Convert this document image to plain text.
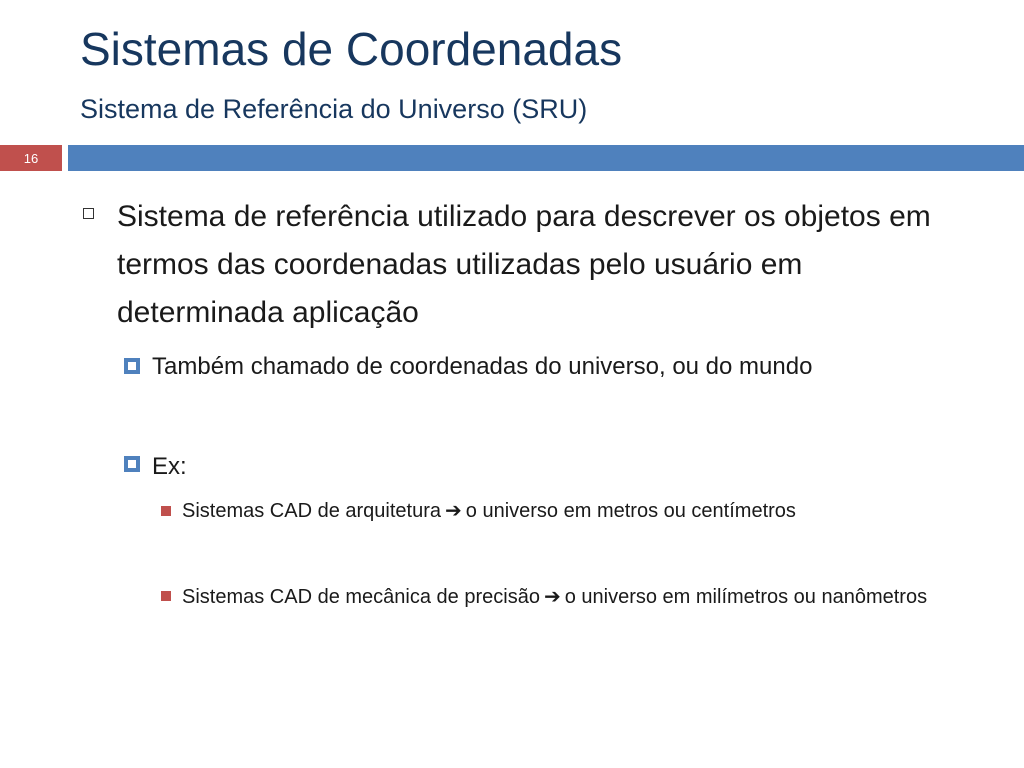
Sistemas de Coordenadas
Sistema de Referência do Universo (SRU)
16
Sistema de referência utilizado para descrever os objetos em termos das coordenadas utilizadas pelo usuário em determinada aplicação
Também chamado de coordenadas do universo, ou do mundo
Ex:
Sistemas CAD de arquitetura ➔ o universo em metros ou centímetros
Sistemas CAD de mecânica de precisão ➔ o universo em milímetros ou nanômetros
